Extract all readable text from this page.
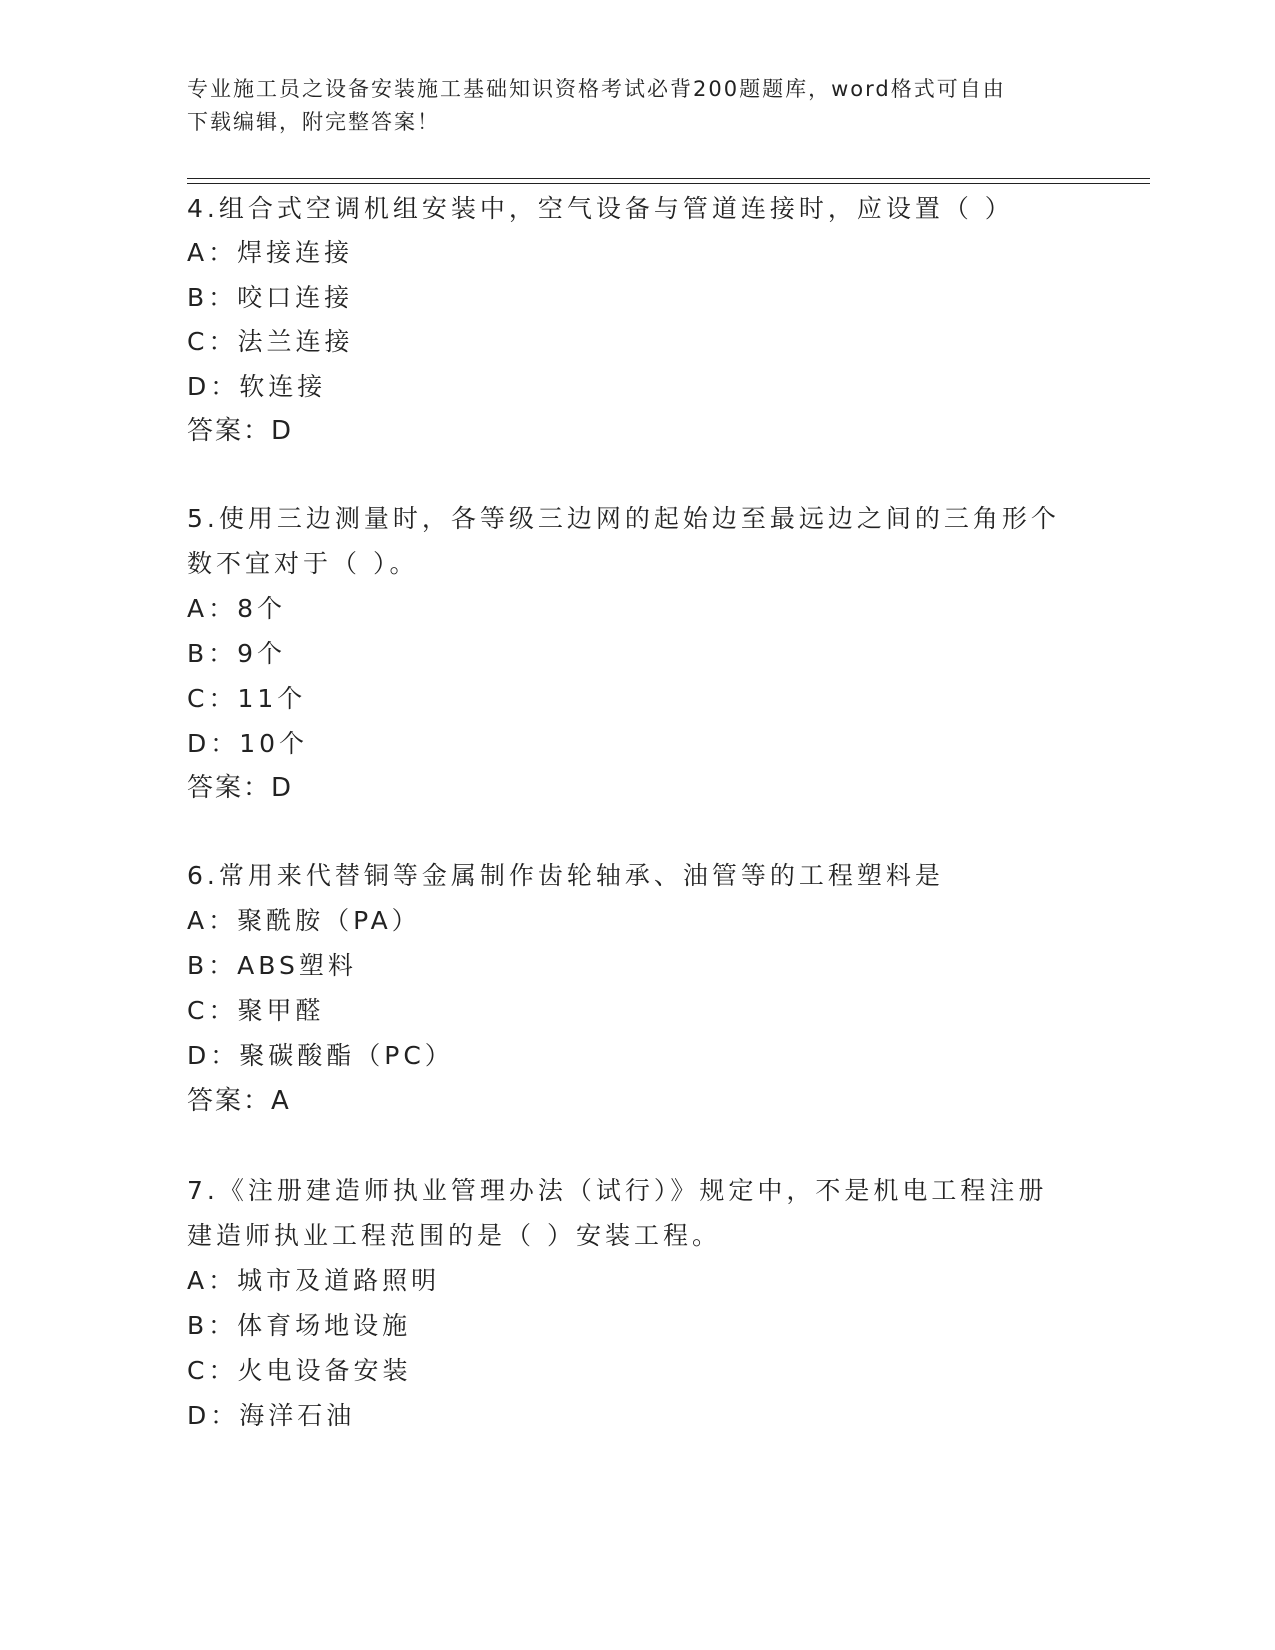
专业施工员之设备安装施工基础知识资格考试必背200题题库，word格式可自由
下载编辑，附完整答案！
4.组合式空调机组安装中，空气设备与管道连接时，应设置（ ）
A：焊接连接
B：咬口连接
C：法兰连接
D：软连接
答案：D
5.使用三边测量时，各等级三边网的起始边至最远边之间的三角形个
数不宜对于（ ）。
A：8个
B：9个
C：11个
D：10个
答案：D
6.常用来代替铜等金属制作齿轮轴承、油管等的工程塑料是
A：聚酰胺（PA）
B：ABS塑料
C：聚甲醛
D：聚碳酸酯（PC）
答案：A
7.《注册建造师执业管理办法（试行）》规定中，不是机电工程注册
建造师执业工程范围的是（ ）安装工程。
A：城市及道路照明
B：体育场地设施
C：火电设备安装
D：海洋石油
